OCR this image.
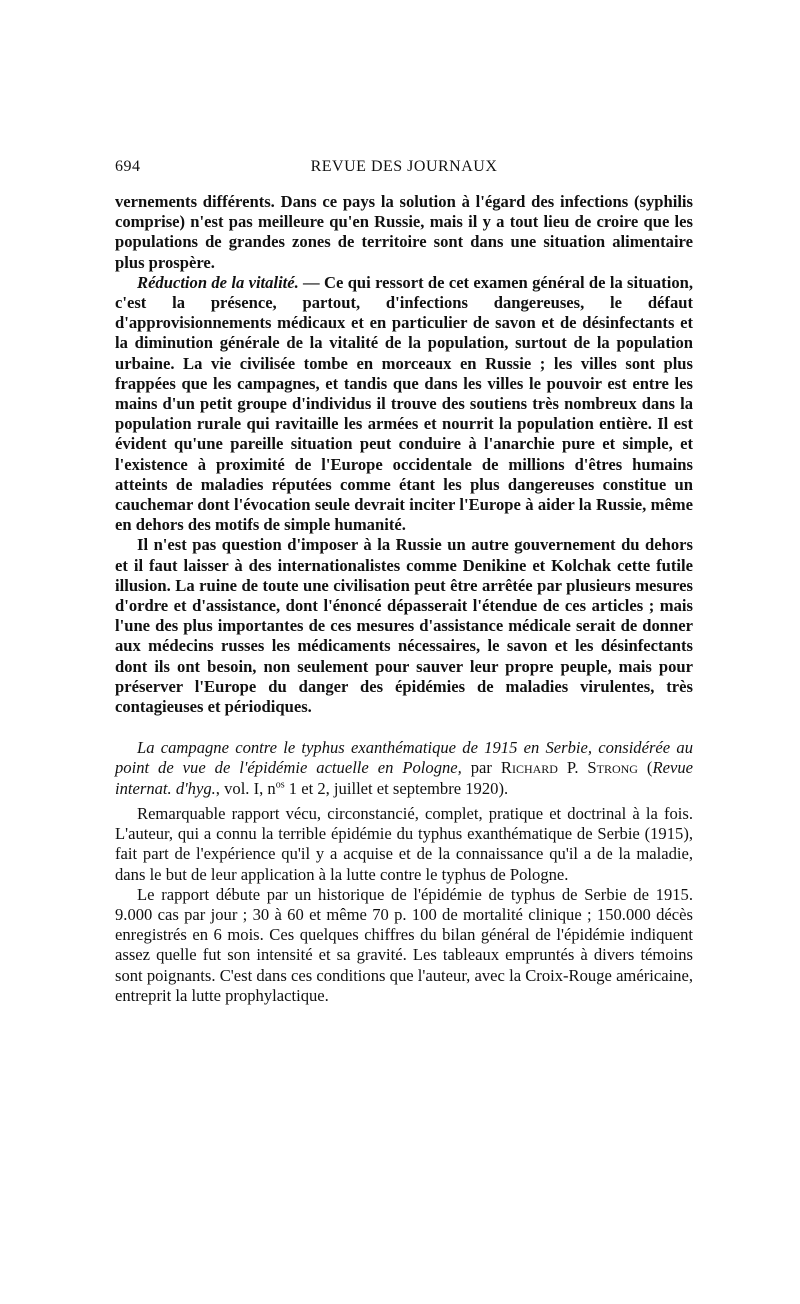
694	REVUE DES JOURNAUX

vernements différents. Dans ce pays la solution à l'égard des infections (syphilis comprise) n'est pas meilleure qu'en Russie, mais il y a tout lieu de croire que les populations de grandes zones de territoire sont dans une situation alimentaire plus prospère.

Réduction de la vitalité. — Ce qui ressort de cet examen général de la situation, c'est la présence, partout, d'infections dangereuses, le défaut d'approvisionnements médicaux et en particulier de savon et de désinfectants et la diminution générale de la vitalité de la population, surtout de la population urbaine. La vie civilisée tombe en morceaux en Russie ; les villes sont plus frappées que les campagnes, et tandis que dans les villes le pouvoir est entre les mains d'un petit groupe d'individus il trouve des soutiens très nombreux dans la population rurale qui ravitaille les armées et nourrit la population entière. Il est évident qu'une pareille situation peut conduire à l'anarchie pure et simple, et l'existence à proximité de l'Europe occidentale de millions d'êtres humains atteints de maladies réputées comme étant les plus dangereuses constitue un cauchemar dont l'évocation seule devrait inciter l'Europe à aider la Russie, même en dehors des motifs de simple humanité.

Il n'est pas question d'imposer à la Russie un autre gouvernement du dehors et il faut laisser à des internationalistes comme Denikine et Kolchak cette futile illusion. La ruine de toute une civilisation peut être arrêtée par plusieurs mesures d'ordre et d'assistance, dont l'énoncé dépasserait l'étendue de ces articles ; mais l'une des plus importantes de ces mesures d'assistance médicale serait de donner aux médecins russes les médicaments nécessaires, le savon et les désinfectants dont ils ont besoin, non seulement pour sauver leur propre peuple, mais pour préserver l'Europe du danger des épidémies de maladies virulentes, très contagieuses et périodiques.

La campagne contre le typhus exanthématique de 1915 en Serbie, considérée au point de vue de l'épidémie actuelle en Pologne, par Richard P. Strong (Revue internat. d'hyg., vol. I, $n^{os}$ 1 et 2, juillet et septembre 1920).

Remarquable rapport vécu, circonstancié, complet, pratique et doctrinal à la fois. L'auteur, qui a connu la terrible épidémie du typhus exanthématique de Serbie (1915), fait part de l'expérience qu'il y a acquise et de la connaissance qu'il a de la maladie, dans le but de leur application à la lutte contre le typhus de Pologne.

Le rapport débute par un historique de l'épidémie de typhus de Serbie de 1915. 9.000 cas par jour ; 30 à 60 et même 70 p. 100 de mortalité clinique ; 150.000 décès enregistrés en 6 mois. Ces quelques chiffres du bilan général de l'épidémie indiquent assez quelle fut son intensité et sa gravité. Les tableaux empruntés à divers témoins sont poignants. C'est dans ces conditions que l'auteur, avec la Croix-Rouge américaine, entreprit la lutte prophylactique.
